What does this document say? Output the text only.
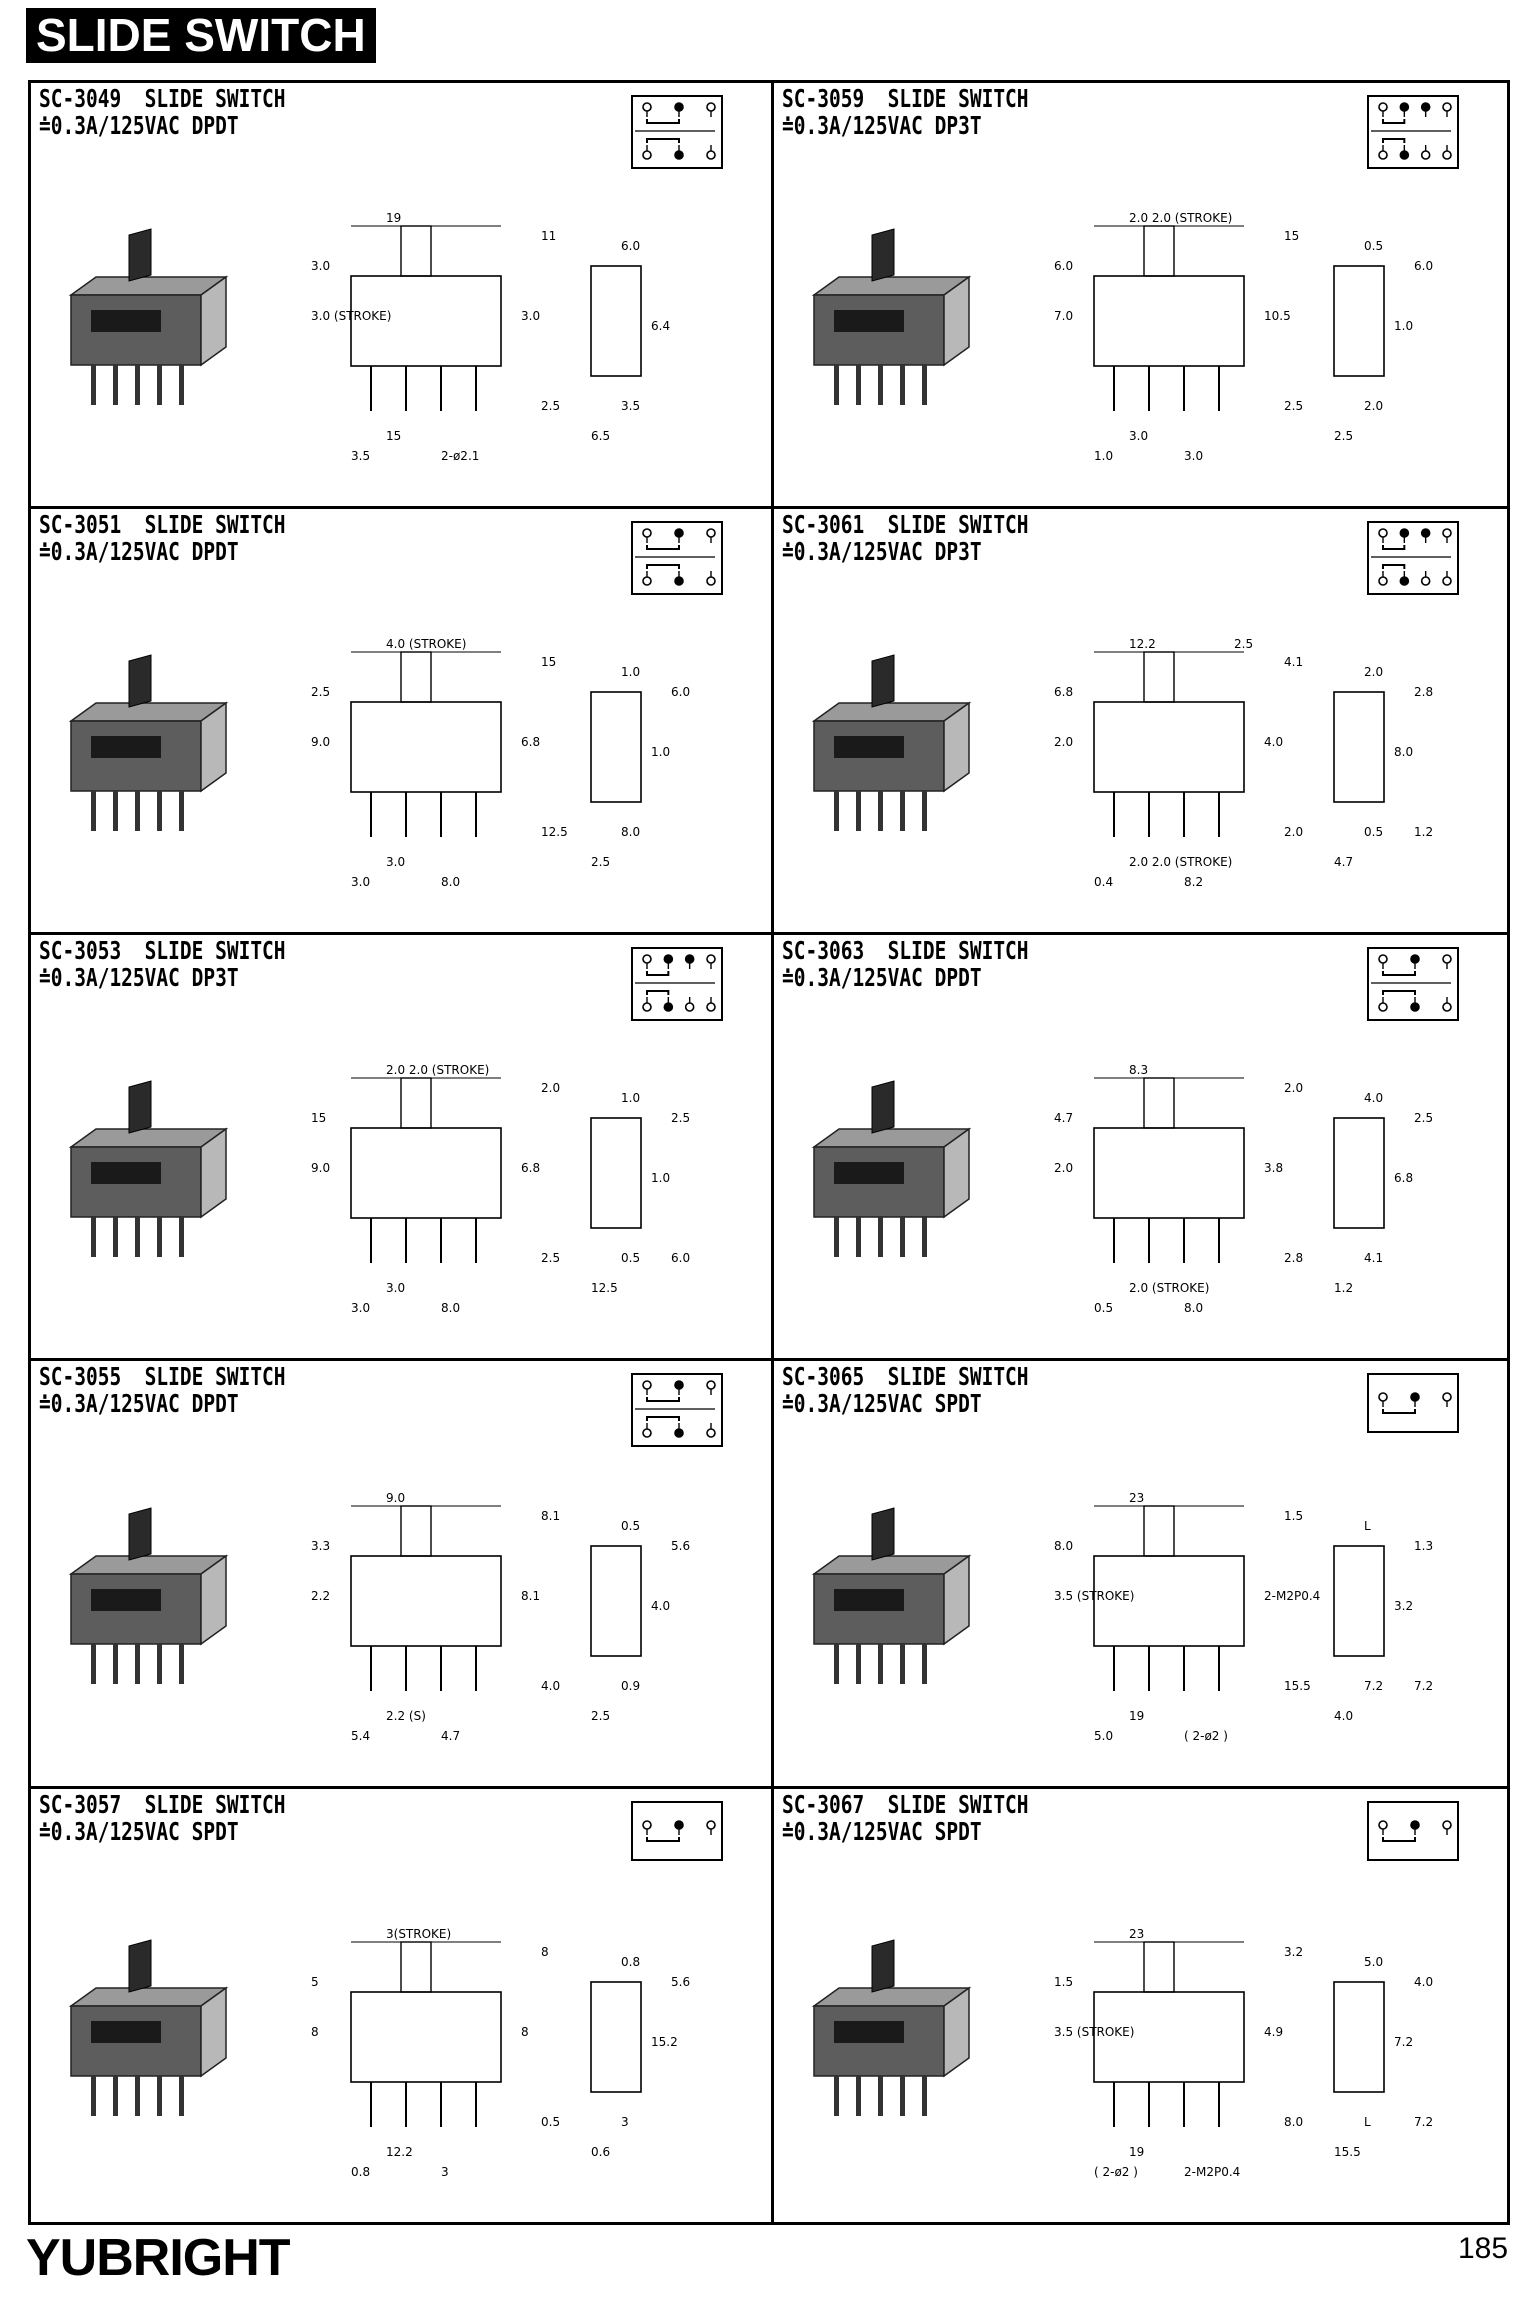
SLIDE SWITCH
SC-3049  SLIDE SWITCH
≐0.3A/125VAC DPDT
19
15
3.0 (STROKE)	3.0
2-ø2.1
3.5
6.0
3.5
6.4
11
3.0
2.5
6.5
SC-3059  SLIDE SWITCH
≐0.3A/125VAC DP3T
2.0 2.0 (STROKE)
3.0
7.0	10.5
3.0
1.0
0.5
2.0
1.0
15
6.0
2.5
2.5
6.0
SC-3051  SLIDE SWITCH
≐0.3A/125VAC DPDT
4.0 (STROKE)
3.0
9.0	6.8
8.0
3.0
1.0
8.0
1.0
15
2.5
12.5
2.5
6.0
SC-3061  SLIDE SWITCH
≐0.3A/125VAC DP3T
12.2
2.0 2.0 (STROKE)
2.0	4.0
8.2
0.4
2.0
0.5
8.0
4.1
6.8
2.0
4.7
2.8
1.2
2.5
SC-3053  SLIDE SWITCH
≐0.3A/125VAC DP3T
2.0 2.0 (STROKE)
3.0
9.0	6.8
8.0
3.0
1.0
0.5
1.0
2.0
15
2.5
12.5
2.5
6.0
SC-3063  SLIDE SWITCH
≐0.3A/125VAC DPDT
8.3
2.0 (STROKE)
2.0	3.8
8.0
0.5
4.0
4.1
6.8
2.0
4.7
2.8
1.2
2.5
SC-3055  SLIDE SWITCH
≐0.3A/125VAC DPDT
9.0
2.2 (S)
2.2	8.1
4.7
5.4
0.5
0.9
4.0
8.1
3.3
4.0
2.5
5.6
SC-3065  SLIDE SWITCH
≐0.3A/125VAC SPDT
23
19
3.5 (STROKE)	2-M2P0.4
( 2-ø2 )
5.0
L
7.2
3.2
1.5
8.0
15.5
4.0
1.3
7.2
SC-3057  SLIDE SWITCH
≐0.3A/125VAC SPDT
3(STROKE)
12.2
8	8
3
0.8
0.8
3
15.2
8
5
0.5
0.6
5.6
SC-3067  SLIDE SWITCH
≐0.3A/125VAC SPDT
23
19
3.5 (STROKE)	4.9
2-M2P0.4
( 2-ø2 )
5.0
L
7.2
3.2
1.5
8.0
15.5
4.0
7.2
YUBRIGHT	185
